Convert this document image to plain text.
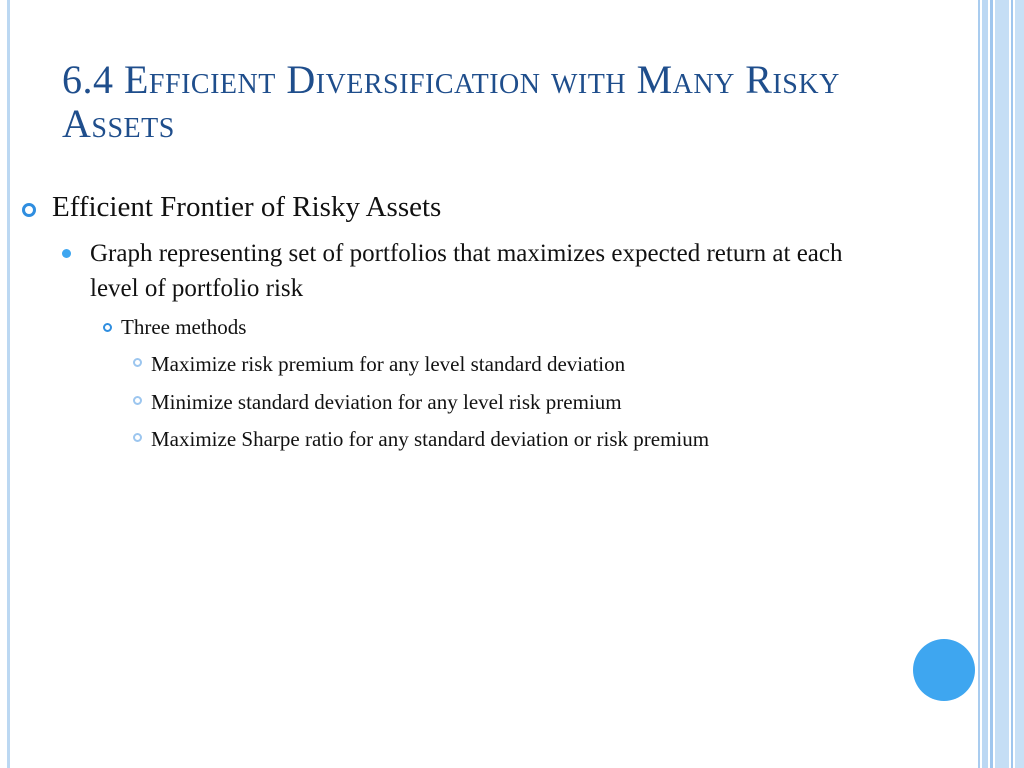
6.4 Efficient Diversification with Many Risky Assets
Efficient Frontier of Risky Assets
Graph representing set of portfolios that maximizes expected return at each level of portfolio risk
Three methods
Maximize risk premium for any level standard deviation
Minimize standard deviation for any level risk premium
Maximize Sharpe ratio for any standard deviation or risk premium
